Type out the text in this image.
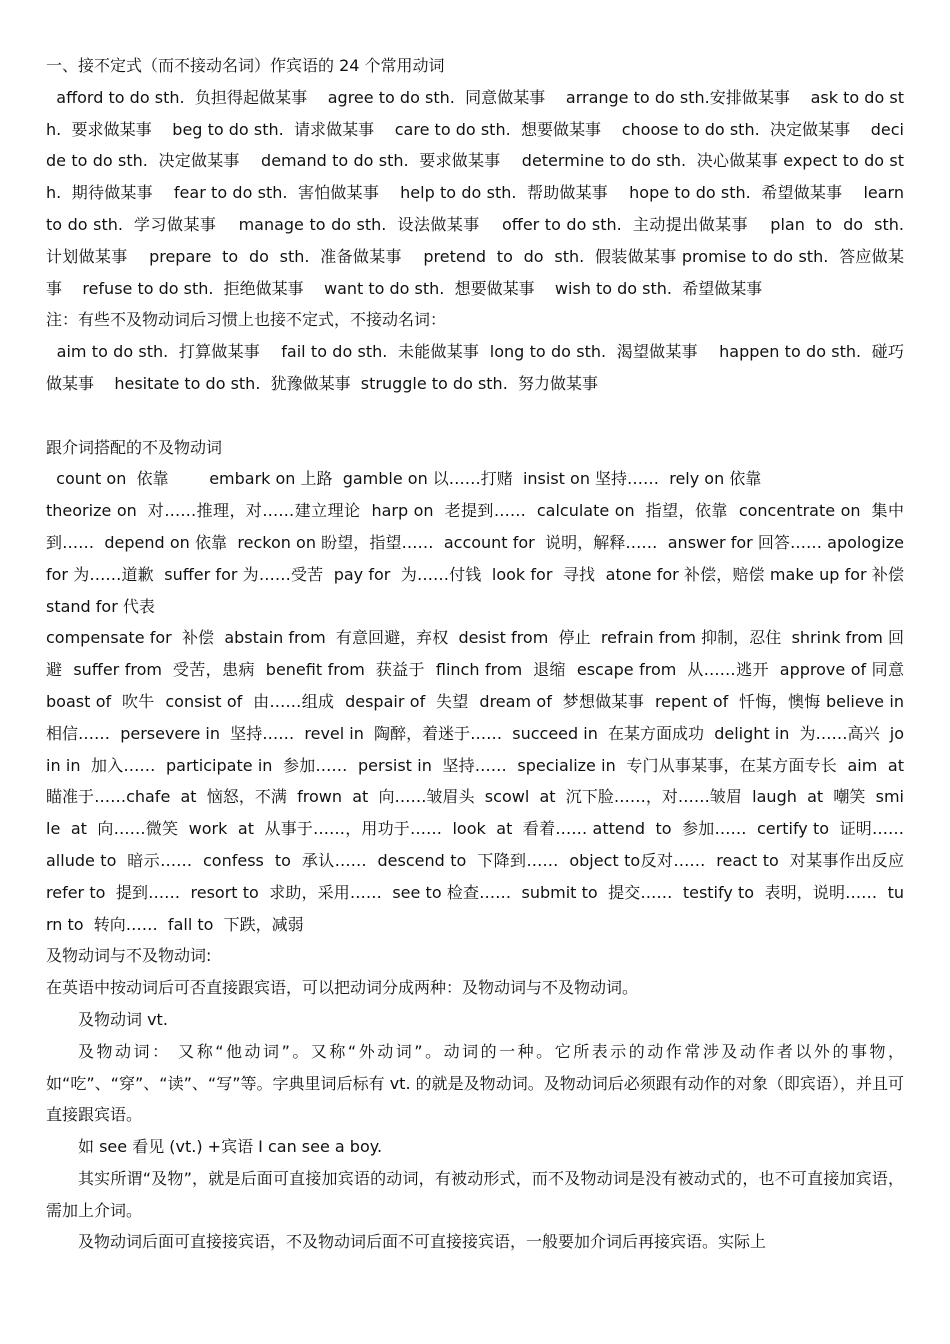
一、接不定式（而不接动名词）作宾语的 24 个常用动词

afford to do sth.  负担得起做某事    agree to do sth.  同意做某事    arrange to do sth.安排做某事    ask to do sth.  要求做某事    beg to do sth.  请求做某事    care to do sth.  想要做某事    choose to do sth.  决定做某事    decide to do sth.  决定做某事    demand to do sth.  要求做某事    determine to do sth.  决心做某事 expect to do sth.  期待做某事    fear to do sth.  害怕做某事    help to do sth.  帮助做某事    hope to do sth.  希望做某事    learn to do sth.  学习做某事    manage to do sth.  设法做某事    offer to do sth.  主动提出做某事    plan  to  do  sth.  计划做某事    prepare  to  do  sth.  准备做某事    pretend  to  do  sth.  假装做某事 promise to do sth.  答应做某事    refuse to do sth.  拒绝做某事    want to do sth.  想要做某事    wish to do sth.  希望做某事

注：有些不及物动词后习惯上也接不定式，不接动名词：

aim to do sth.  打算做某事    fail to do sth.  未能做某事  long to do sth.  渴望做某事    happen to do sth.  碰巧做某事    hesitate to do sth.  犹豫做某事  struggle to do sth.  努力做某事

跟介词搭配的不及物动词

count on  依靠        embark on 上路  gamble on 以……打赌  insist on 坚持……  rely on 依靠

theorize on  对……推理，对……建立理论  harp on  老提到……  calculate on  指望，依靠  concentrate on  集中到……  depend on 依靠  reckon on 盼望，指望……  account for  说明，解释……  answer for 回答…… apologize for 为……道歉  suffer for 为……受苦  pay for  为……付钱  look for  寻找  atone for 补偿，赔偿 make up for 补偿  stand for 代表

compensate for  补偿  abstain from  有意回避，弃权  desist from  停止  refrain from 抑制，忍住  shrink from 回避  suffer from  受苦，患病  benefit from  获益于  flinch from  退缩  escape from  从……逃开  approve of 同意  boast of  吹牛  consist of  由……组成  despair of  失望  dream of  梦想做某事  repent of  忏悔，懊悔 believe in  相信……  persevere in  坚持……  revel in  陶醉，着迷于……  succeed in  在某方面成功  delight in  为……高兴  join in  加入……  participate in  参加……  persist in  坚持……  specialize in  专门从事某事，在某方面专长  aim  at  瞄准于……chafe  at  恼怒，不满  frown  at  向……皱眉头  scowl  at  沉下脸……，对……皱眉  laugh  at  嘲笑  smile  at  向……微笑  work  at  从事于……，用功于……  look  at  看着…… attend  to  参加……  certify to  证明……  allude to  暗示……  confess  to  承认……  descend to  下降到……  object to反对……  react to  对某事作出反应  refer to  提到……  resort to  求助，采用……  see to 检查……  submit to  提交……  testify to  表明，说明……  turn to  转向……  fall to  下跌，减弱

及物动词与不及物动词:

在英语中按动词后可否直接跟宾语，可以把动词分成两种：及物动词与不及物动词。

及物动词 vt.

及物动词： 又称“他动词”。又称“外动词”。动词的一种。它所表示的动作常涉及动作者以外的事物，如“吃”、“穿”、“读”、“写”等。字典里词后标有 vt. 的就是及物动词。及物动词后必须跟有动作的对象（即宾语），并且可直接跟宾语。

如 see 看见 (vt.) +宾语 I can see a boy.

其实所谓“及物”，就是后面可直接加宾语的动词，有被动形式，而不及物动词是没有被动式的，也不可直接加宾语，需加上介词。

及物动词后面可直接接宾语，不及物动词后面不可直接接宾语，一般要加介词后再接宾语。实际上
